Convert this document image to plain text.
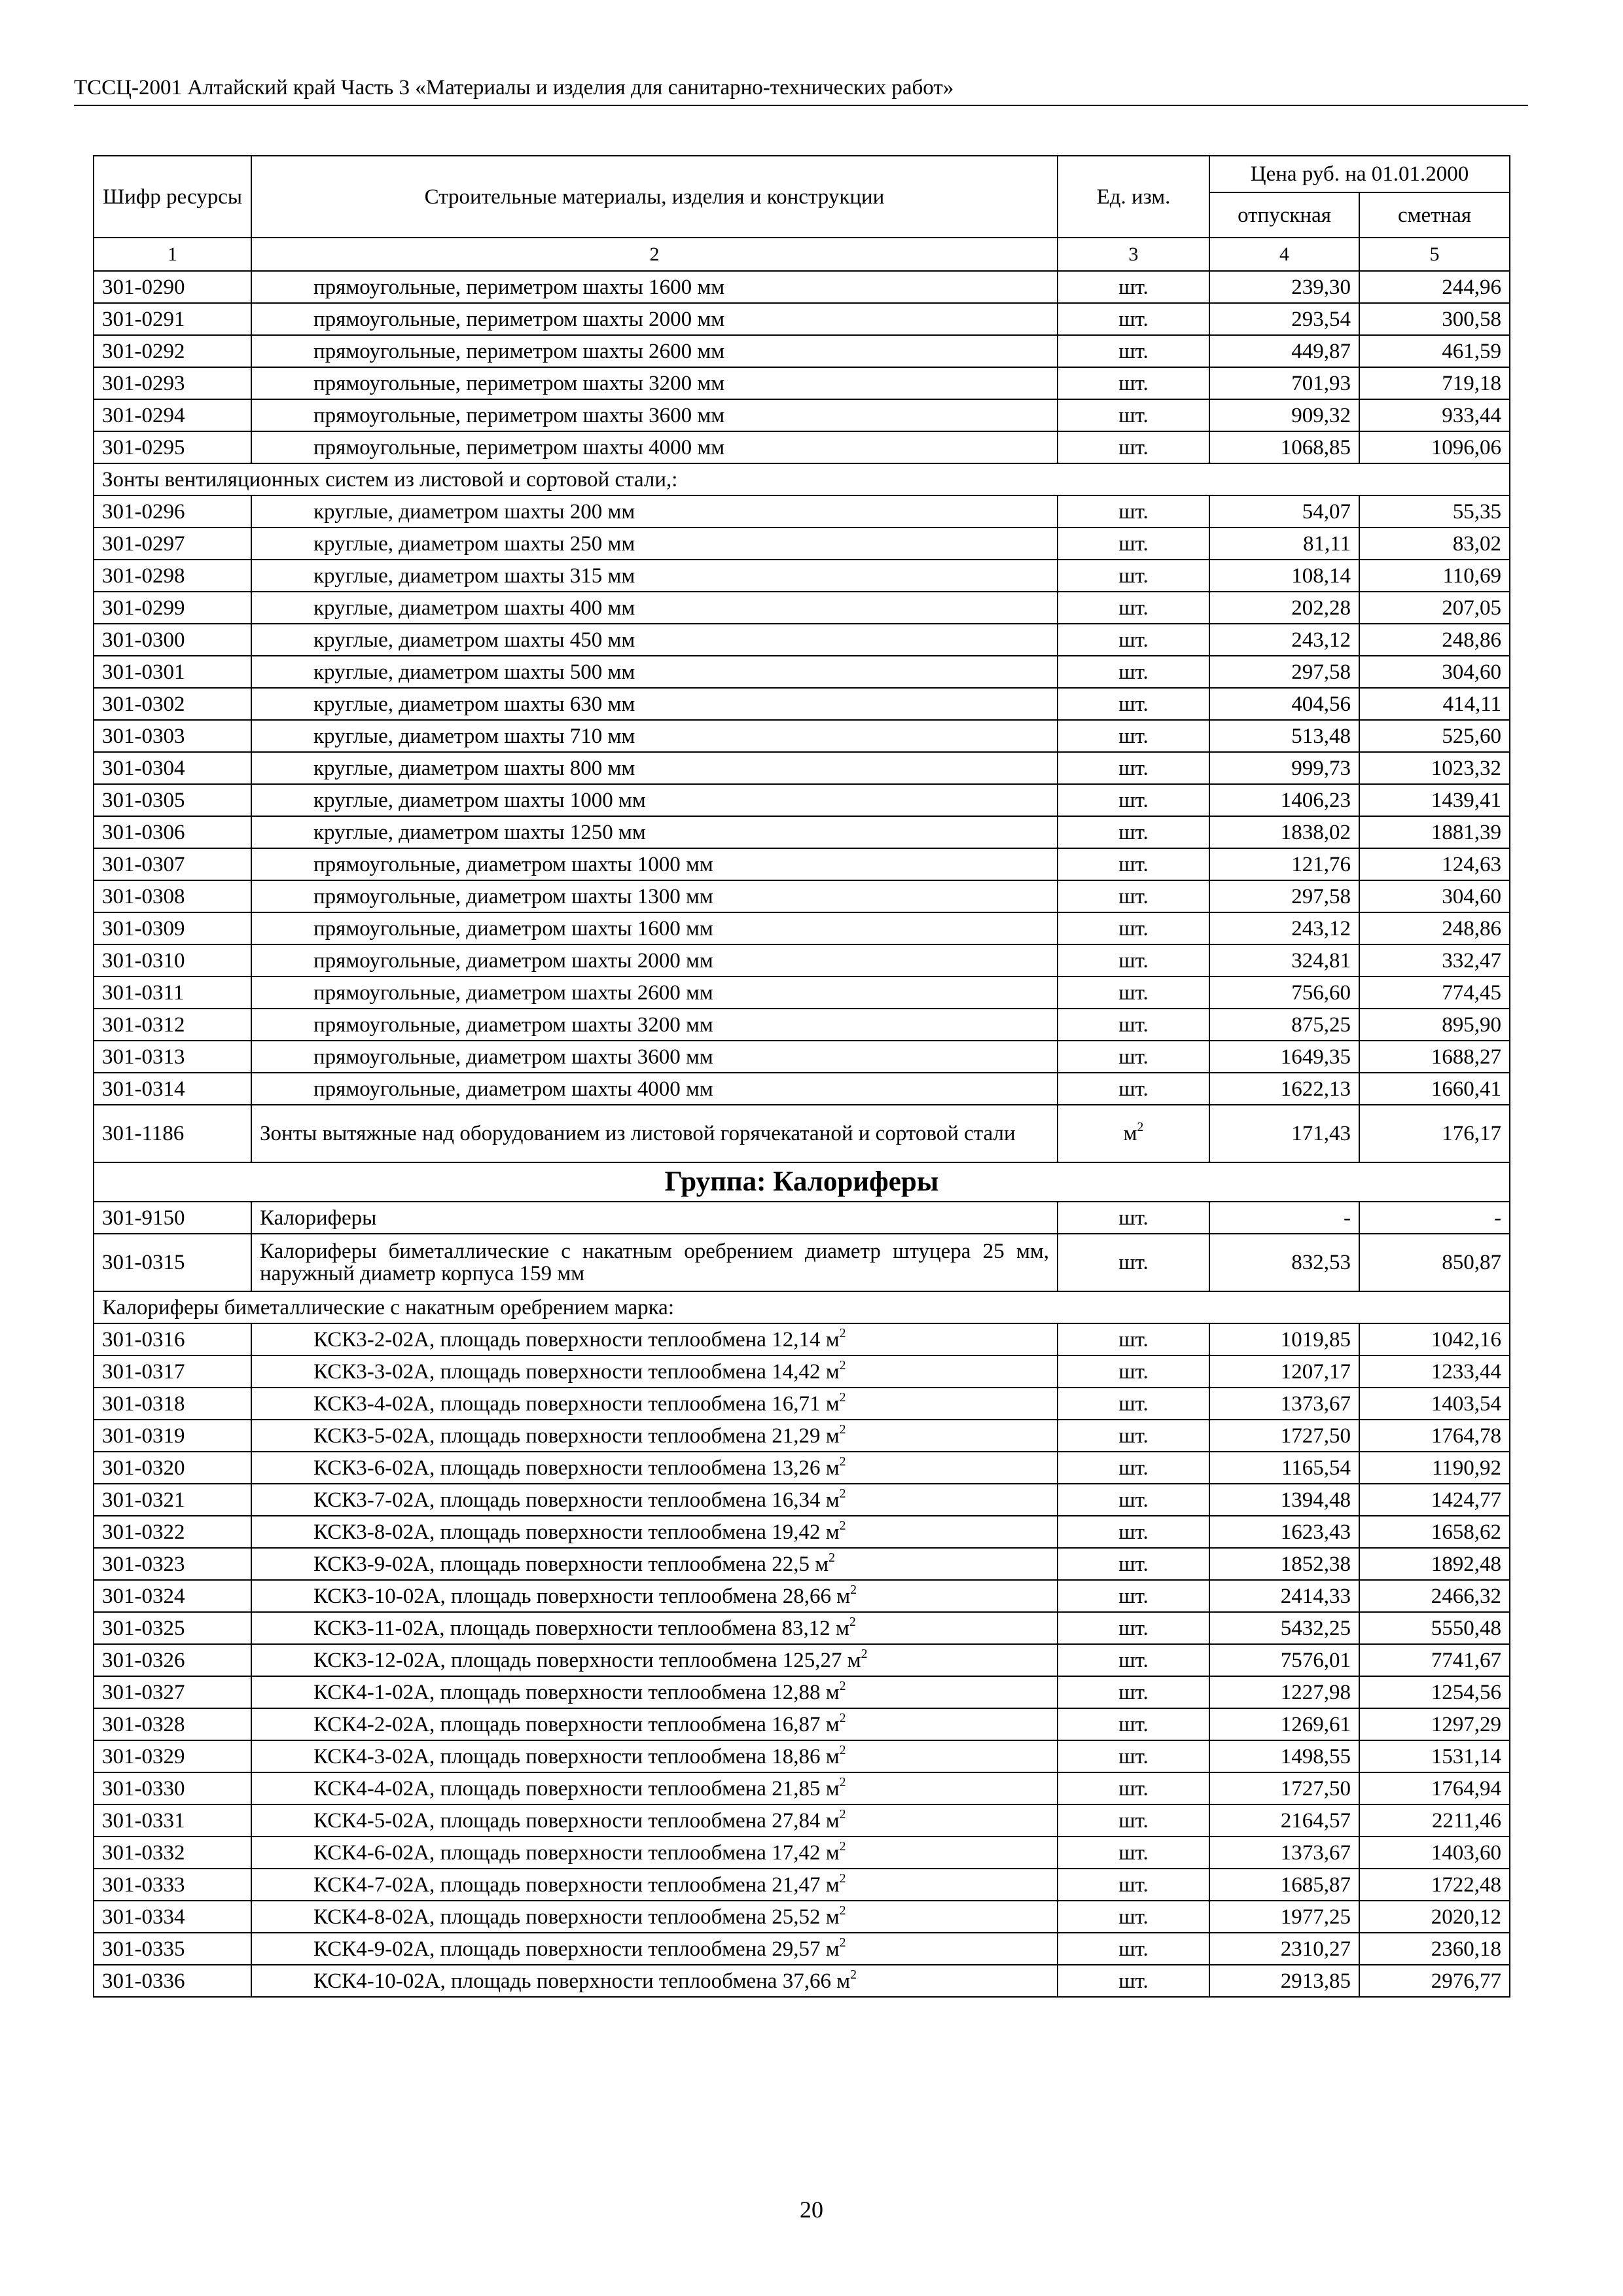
ТССЦ-2001 Алтайский край Часть 3 «Материалы и изделия для санитарно-технических работ»
Шифр ресурсы	Строительные материалы, изделия и конструкции	Ед. изм.	Цена руб. на 01.01.2000	
			отпускная	сметная
1	2	3	4	5
301-0290	прямоугольные, периметром шахты 1600 мм	шт.	239,30	244,96
301-0291	прямоугольные, периметром шахты 2000 мм	шт.	293,54	300,58
301-0292	прямоугольные, периметром шахты 2600 мм	шт.	449,87	461,59
301-0293	прямоугольные, периметром шахты 3200 мм	шт.	701,93	719,18
301-0294	прямоугольные, периметром шахты 3600 мм	шт.	909,32	933,44
301-0295	прямоугольные, периметром шахты 4000 мм	шт.	1068,85	1096,06
Зонты вентиляционных систем из листовой и сортовой стали,:				
301-0296	круглые, диаметром шахты 200 мм	шт.	54,07	55,35
301-0297	круглые, диаметром шахты 250 мм	шт.	81,11	83,02
301-0298	круглые, диаметром шахты 315 мм	шт.	108,14	110,69
301-0299	круглые, диаметром шахты 400 мм	шт.	202,28	207,05
301-0300	круглые, диаметром шахты 450 мм	шт.	243,12	248,86
301-0301	круглые, диаметром шахты 500 мм	шт.	297,58	304,60
301-0302	круглые, диаметром шахты 630 мм	шт.	404,56	414,11
301-0303	круглые, диаметром шахты 710 мм	шт.	513,48	525,60
301-0304	круглые, диаметром шахты 800 мм	шт.	999,73	1023,32
301-0305	круглые, диаметром шахты 1000 мм	шт.	1406,23	1439,41
301-0306	круглые, диаметром шахты 1250 мм	шт.	1838,02	1881,39
301-0307	прямоугольные, диаметром шахты 1000 мм	шт.	121,76	124,63
301-0308	прямоугольные, диаметром шахты 1300 мм	шт.	297,58	304,60
301-0309	прямоугольные, диаметром шахты 1600 мм	шт.	243,12	248,86
301-0310	прямоугольные, диаметром шахты 2000 мм	шт.	324,81	332,47
301-0311	прямоугольные, диаметром шахты 2600 мм	шт.	756,60	774,45
301-0312	прямоугольные, диаметром шахты 3200 мм	шт.	875,25	895,90
301-0313	прямоугольные, диаметром шахты 3600 мм	шт.	1649,35	1688,27
301-0314	прямоугольные, диаметром шахты 4000 мм	шт.	1622,13	1660,41
301-1186	Зонты вытяжные над оборудованием из листовой горячекатаной и сортовой стали	$м^2$	171,43	176,17
Группа: Калориферы				
301-9150	Калориферы	шт.	-	-
301-0315	Калориферы биметаллические с накатным оребрением диаметр штуцера 25 мм, наружный диаметр корпуса 159 мм	шт.	832,53	850,87
Калориферы биметаллические с накатным оребрением марка:				
301-0316	КСК3-2-02А, площадь поверхности теплообмена 12,14 $м^2$	шт.	1019,85	1042,16
301-0317	КСК3-3-02А, площадь поверхности теплообмена 14,42 $м^2$	шт.	1207,17	1233,44
301-0318	КСК3-4-02А, площадь поверхности теплообмена 16,71 $м^2$	шт.	1373,67	1403,54
301-0319	КСК3-5-02А, площадь поверхности теплообмена 21,29 $м^2$	шт.	1727,50	1764,78
301-0320	КСК3-6-02А, площадь поверхности теплообмена 13,26 $м^2$	шт.	1165,54	1190,92
301-0321	КСК3-7-02А, площадь поверхности теплообмена 16,34 $м^2$	шт.	1394,48	1424,77
301-0322	КСК3-8-02А, площадь поверхности теплообмена 19,42 $м^2$	шт.	1623,43	1658,62
301-0323	КСК3-9-02А, площадь поверхности теплообмена 22,5 $м^2$	шт.	1852,38	1892,48
301-0324	КСК3-10-02А, площадь поверхности теплообмена 28,66 $м^2$	шт.	2414,33	2466,32
301-0325	КСК3-11-02А, площадь поверхности теплообмена 83,12 $м^2$	шт.	5432,25	5550,48
301-0326	КСК3-12-02А, площадь поверхности теплообмена 125,27 $м^2$	шт.	7576,01	7741,67
301-0327	КСК4-1-02А, площадь поверхности теплообмена 12,88 $м^2$	шт.	1227,98	1254,56
301-0328	КСК4-2-02А, площадь поверхности теплообмена 16,87 $м^2$	шт.	1269,61	1297,29
301-0329	КСК4-3-02А, площадь поверхности теплообмена 18,86 $м^2$	шт.	1498,55	1531,14
301-0330	КСК4-4-02А, площадь поверхности теплообмена 21,85 $м^2$	шт.	1727,50	1764,94
301-0331	КСК4-5-02А, площадь поверхности теплообмена 27,84 $м^2$	шт.	2164,57	2211,46
301-0332	КСК4-6-02А, площадь поверхности теплообмена 17,42 $м^2$	шт.	1373,67	1403,60
301-0333	КСК4-7-02А, площадь поверхности теплообмена 21,47 $м^2$	шт.	1685,87	1722,48
301-0334	КСК4-8-02А, площадь поверхности теплообмена 25,52 $м^2$	шт.	1977,25	2020,12
301-0335	КСК4-9-02А, площадь поверхности теплообмена 29,57 $м^2$	шт.	2310,27	2360,18
301-0336	КСК4-10-02А, площадь поверхности теплообмена 37,66 $м^2$	шт.	2913,85	2976,77
20
